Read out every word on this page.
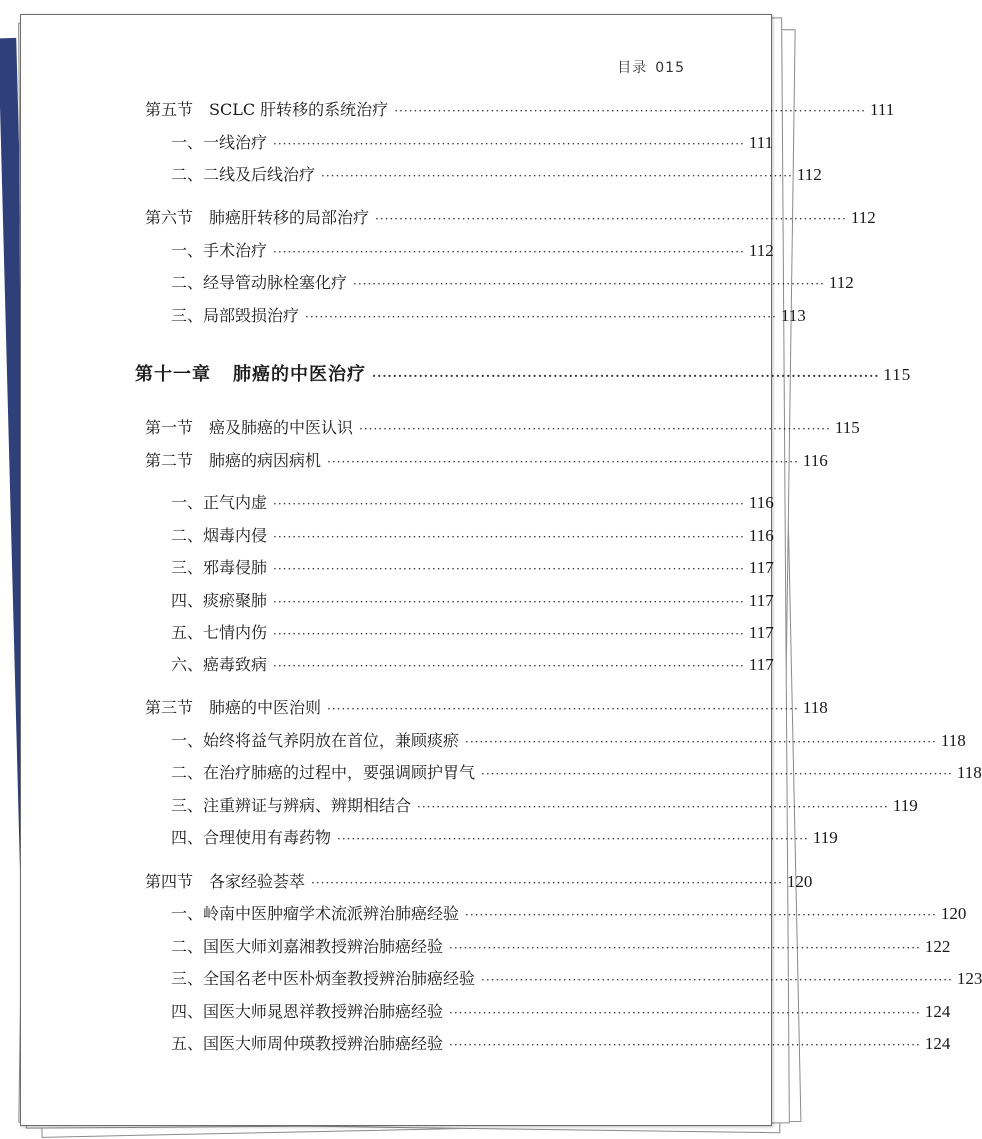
目录 015
第五节 SCLC 肝转移的系统治疗 ·································································································· 111
一、一线治疗 ·································································································· 111
二、二线及后线治疗 ·································································································· 112
第六节 肺癌肝转移的局部治疗 ·································································································· 112
一、手术治疗 ·································································································· 112
二、经导管动脉栓塞化疗 ·································································································· 112
三、局部毁损治疗 ·································································································· 113
第十一章 肺癌的中医治疗 ·································································································· 115
第一节 癌及肺癌的中医认识 ·································································································· 115
第二节 肺癌的病因病机 ·································································································· 116
一、正气内虚 ·································································································· 116
二、烟毒内侵 ·································································································· 116
三、邪毒侵肺 ·································································································· 117
四、痰瘀聚肺 ·································································································· 117
五、七情内伤 ·································································································· 117
六、癌毒致病 ·································································································· 117
第三节 肺癌的中医治则 ·································································································· 118
一、始终将益气养阴放在首位，兼顾痰瘀 ·································································································· 118
二、在治疗肺癌的过程中，要强调顾护胃气 ·································································································· 118
三、注重辨证与辨病、辨期相结合 ·································································································· 119
四、合理使用有毒药物 ·································································································· 119
第四节 各家经验荟萃 ·································································································· 120
一、岭南中医肿瘤学术流派辨治肺癌经验 ·································································································· 120
二、国医大师刘嘉湘教授辨治肺癌经验 ·································································································· 122
三、全国名老中医朴炳奎教授辨治肺癌经验 ·································································································· 123
四、国医大师晁恩祥教授辨治肺癌经验 ·································································································· 124
五、国医大师周仲瑛教授辨治肺癌经验 ·································································································· 124
